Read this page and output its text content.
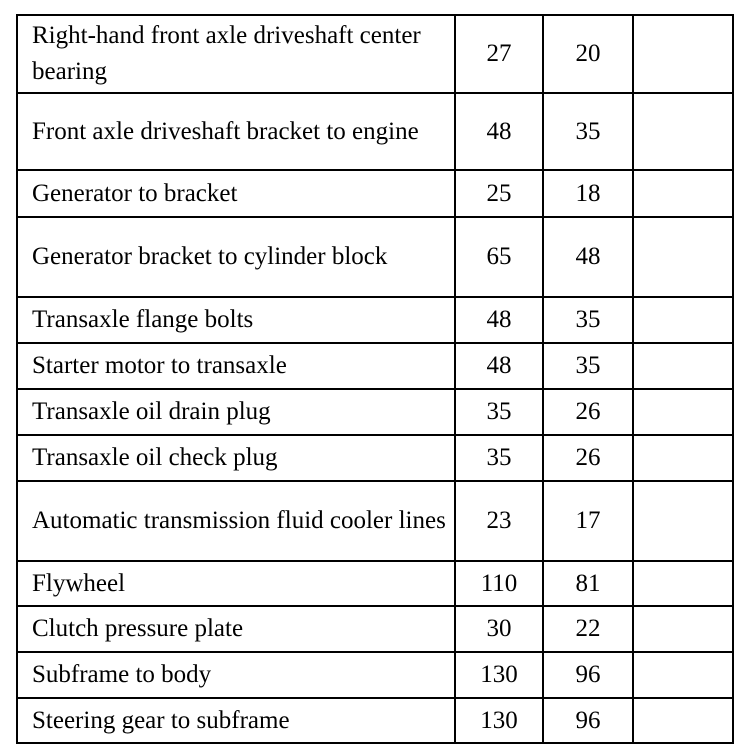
Right-hand front axle driveshaft center bearing	27	20	
Front axle driveshaft bracket to engine	48	35	
Generator to bracket	25	18	
Generator bracket to cylinder block	65	48	
Transaxle flange bolts	48	35	
Starter motor to transaxle	48	35	
Transaxle oil drain plug	35	26	
Transaxle oil check plug	35	26	
Automatic transmission fluid cooler lines	23	17	
Flywheel	110	81	
Clutch pressure plate	30	22	
Subframe to body	130	96	
Steering gear to subframe	130	96	
